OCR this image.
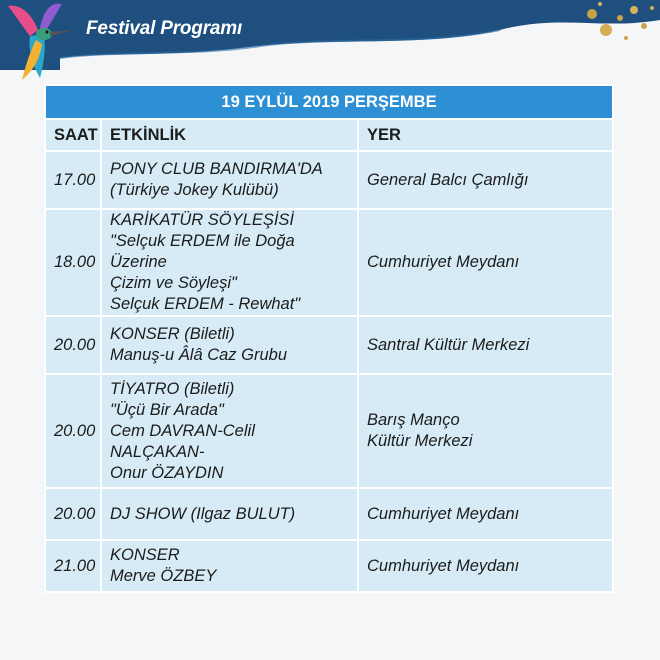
Festival Programı
19 EYLÜL 2019 PERŞEMBE		
SAAT	ETKİNLİK	YER
17.00	PONY CLUB BANDIRMA'DA
(Türkiye Jokey Kulübü)	General Balcı Çamlığı

18.00	KARİKATÜR SÖYLEŞİSİ
"Selçuk ERDEM ile Doğa Üzerine
Çizim ve Söyleşi"
Selçuk ERDEM - Rewhat"	Cumhuriyet Meydanı

20.00	KONSER (Biletli)
Manuş-u Âlâ Caz Grubu	Santral Kültür Merkezi

20.00	TİYATRO (Biletli)
"Üçü Bir Arada"
Cem DAVRAN-Celil NALÇAKAN-
Onur ÖZAYDIN	Barış Manço
Kültür Merkezi

20.00	DJ SHOW (Ilgaz BULUT)	Cumhuriyet Meydanı

21.00	KONSER
Merve ÖZBEY	Cumhuriyet Meydanı
